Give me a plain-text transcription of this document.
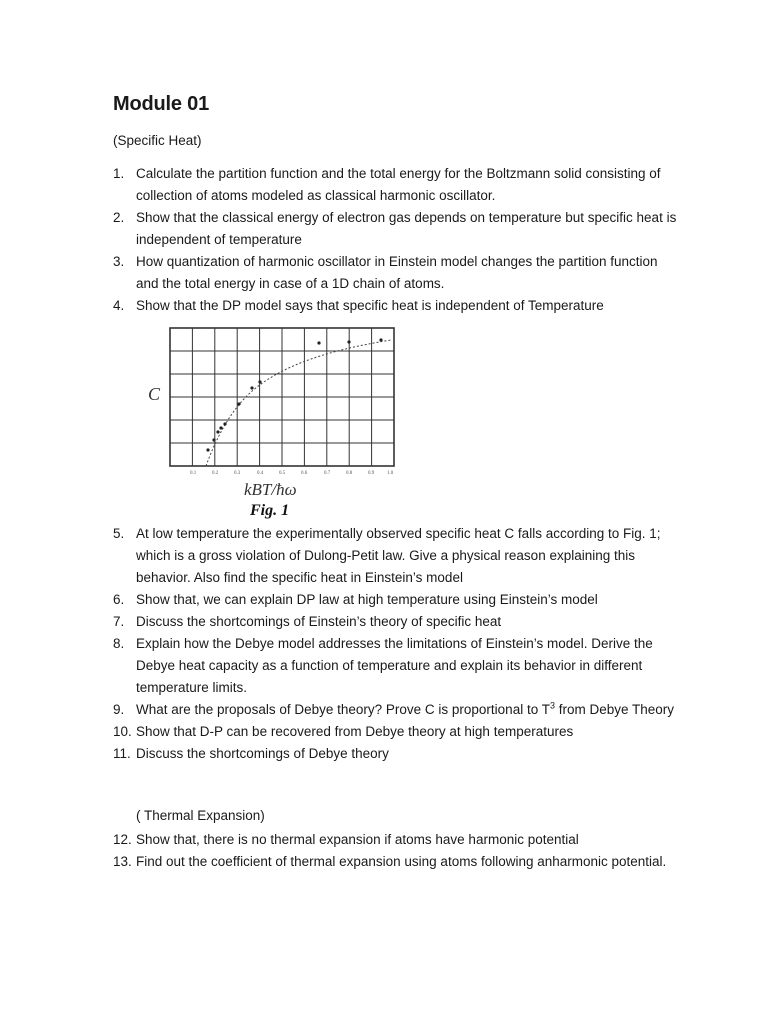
Module 01
(Specific Heat)
1. Calculate the partition function and the total energy for the Boltzmann solid consisting of collection of atoms modeled as classical harmonic oscillator.
2. Show that the classical energy of electron gas depends on temperature but specific heat is independent of temperature
3. How quantization of harmonic oscillator in Einstein model changes the partition function and the total energy in case of a 1D chain of atoms.
4. Show that the DP model says that specific heat is independent of Temperature
C
0.1	0.2	0.3	0.4	0.5	0.6	0.7	0.8	0.9	1.0
kBT/ħω
Fig. 1
5. At low temperature the experimentally observed specific heat C falls according to Fig. 1; which is a gross violation of Dulong-Petit law. Give a physical reason explaining this behavior. Also find the specific heat in Einstein’s model
6. Show that, we can explain DP law at high temperature using Einstein’s model
7. Discuss the shortcomings of Einstein’s theory of specific heat
8. Explain how the Debye model addresses the limitations of Einstein’s model. Derive the Debye heat capacity as a function of temperature and explain its behavior in different temperature limits.
9. What are the proposals of Debye theory? Prove C is proportional to $T^3$ from Debye Theory
10. Show that D-P can be recovered from Debye theory at high temperatures
11. Discuss the shortcomings of Debye theory
( Thermal Expansion)
12. Show that, there is no thermal expansion if atoms have harmonic potential
13. Find out the coefficient of thermal expansion using atoms following anharmonic potential.
